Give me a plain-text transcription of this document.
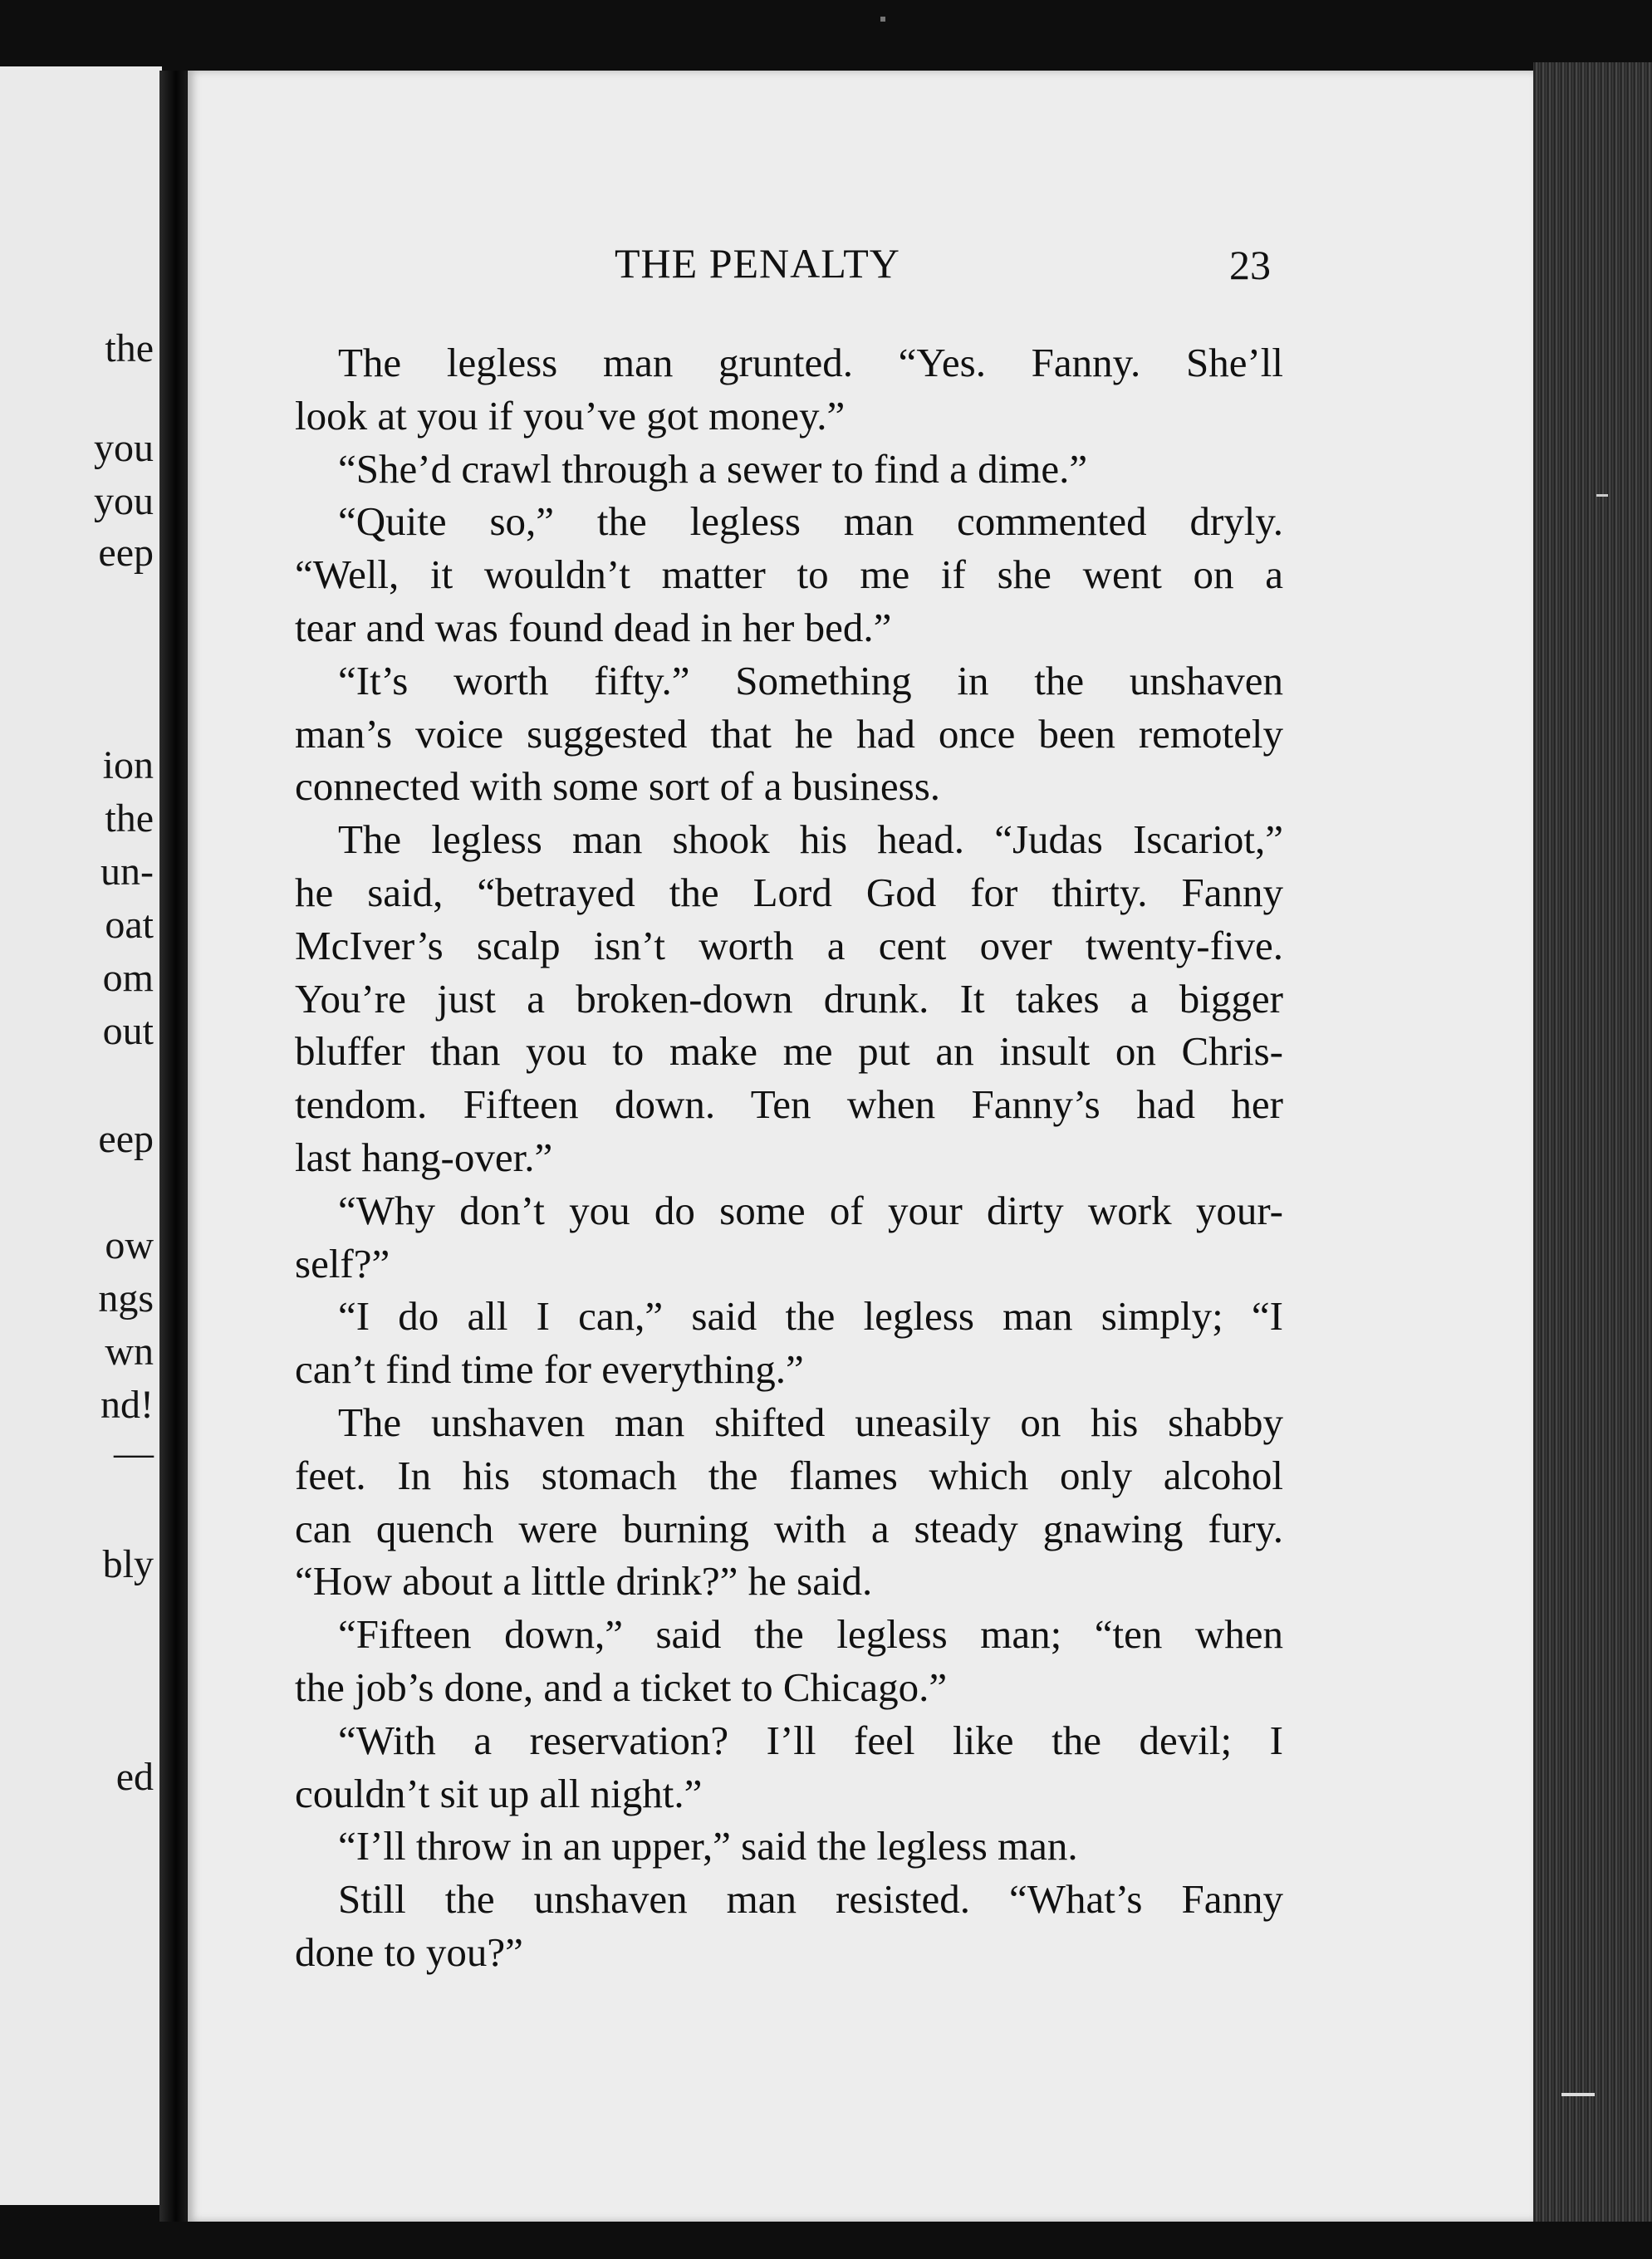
the
you
you
eep
ion
the
un-
oat
om
out
eep
ow
ngs
wn
nd!
—
bly
ed
THE PENALTY	23
The legless man grunted. “Yes. Fanny. She’ll
look at you if you’ve got money.”
“She’d crawl through a sewer to find a dime.”
“Quite so,” the legless man commented dryly.
“Well, it wouldn’t matter to me if she went on a
tear and was found dead in her bed.”
“It’s worth fifty.” Something in the unshaven
man’s voice suggested that he had once been remotely
connected with some sort of a business.
The legless man shook his head. “Judas Iscariot,”
he said, “betrayed the Lord God for thirty. Fanny
McIver’s scalp isn’t worth a cent over twenty-five.
You’re just a broken-down drunk. It takes a bigger
bluffer than you to make me put an insult on Chris-
tendom. Fifteen down. Ten when Fanny’s had her
last hang-over.”
“Why don’t you do some of your dirty work your-
self?”
“I do all I can,” said the legless man simply; “I
can’t find time for everything.”
The unshaven man shifted uneasily on his shabby
feet. In his stomach the flames which only alcohol
can quench were burning with a steady gnawing fury.
“How about a little drink?” he said.
“Fifteen down,” said the legless man; “ten when
the job’s done, and a ticket to Chicago.”
“With a reservation? I’ll feel like the devil; I
couldn’t sit up all night.”
“I’ll throw in an upper,” said the legless man.
Still the unshaven man resisted. “What’s Fanny
done to you?”
